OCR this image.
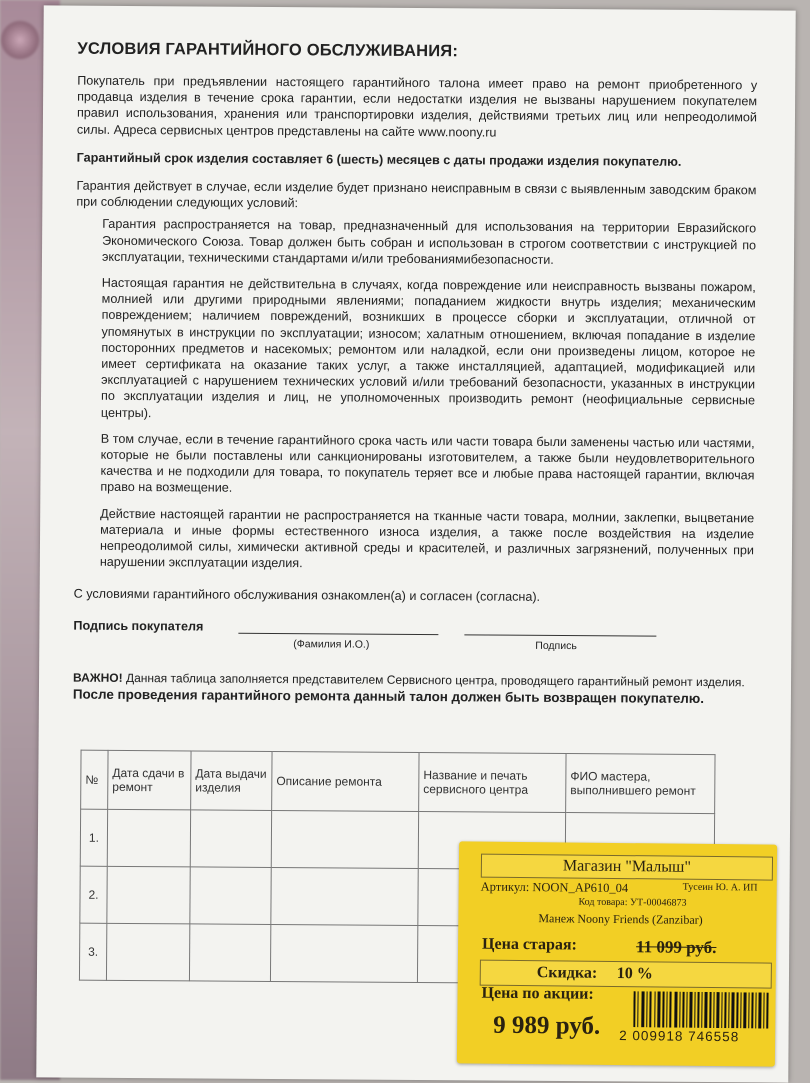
УСЛОВИЯ ГАРАНТИЙНОГО ОБСЛУЖИВАНИЯ:

Покупатель при предъявлении настоящего гарантийного талона имеет право на ремонт приобретенного у продавца изделия в течение срока гарантии, если недостатки изделия не вызваны нарушением покупателем правил использования, хранения или транспортировки изделия, действиями третьих лиц или непреодолимой силы. Адреса сервисных центров представлены на сайте www.noony.ru

Гарантийный срок изделия составляет 6 (шесть) месяцев с даты продажи изделия покупателю.

Гарантия действует в случае, если изделие будет признано неисправным в связи с выявленным заводским браком при соблюдении следующих условий:

Гарантия распространяется на товар, предназначенный для использования на территории Евразийского Экономического Союза. Товар должен быть собран и использован в строгом соответствии с инструкцией по эксплуатации, техническими стандартами и/или требованиямибезопасности.

Настоящая гарантия не действительна в случаях, когда повреждение или неисправность вызваны пожаром, молнией или другими природными явлениями; попаданием жидкости внутрь изделия; механическим повреждением; наличием повреждений, возникших в процессе сборки и эксплуатации, отличной от упомянутых в инструкции по эксплуатации; износом; халатным отношением, включая попадание в изделие посторонних предметов и насекомых; ремонтом или наладкой, если они произведены лицом, которое не имеет сертификата на оказание таких услуг, а также инсталляцией, адаптацией, модификацией или эксплуатацией с нарушением технических условий и/или требований безопасности, указанных в инструкции по эксплуатации изделия и лиц, не уполномоченных производить ремонт (неофициальные сервисные центры).

В том случае, если в течение гарантийного срока часть или части товара были заменены частью или частями, которые не были поставлены или санкционированы изготовителем, а также были неудовлетворительного качества и не подходили для товара, то покупатель теряет все и любые права настоящей гарантии, включая право на возмещение.

Действие настоящей гарантии не распространяется на тканные части товара, молнии, заклепки, выцветание материала и иные формы естественного износа изделия, а также после воздействия на изделие непреодолимой силы, химически активной среды и красителей, и различных загрязнений, полученных при нарушении эксплуатации изделия.

С условиями гарантийного обслуживания ознакомлен(а) и согласен (согласна).

Подпись покупателя
(Фамилия И.О.)	Подпись
ВАЖНО! Данная таблица заполняется представителем Сервисного центра, проводящего гарантийный ремонт изделия.
После проведения гарантийного ремонта данный талон должен быть возвращен покупателю.
№	Дата сдачи в ремонт	Дата выдачи изделия	Описание ремонта	Название и печать сервисного центра	ФИО мастера, выполнившего ремонт
1.					
2.					
3.					
Магазин "Малыш"
Артикул: NOON_AP610_04	Тусеин Ю. А. ИП
Код товара: УТ-00046873
Манеж Noony Friends (Zanzibar)
Цена старая:	11 099 руб.
Скидка: 10 %
Цена по акции:
9 989 руб. 2 009918 746558
